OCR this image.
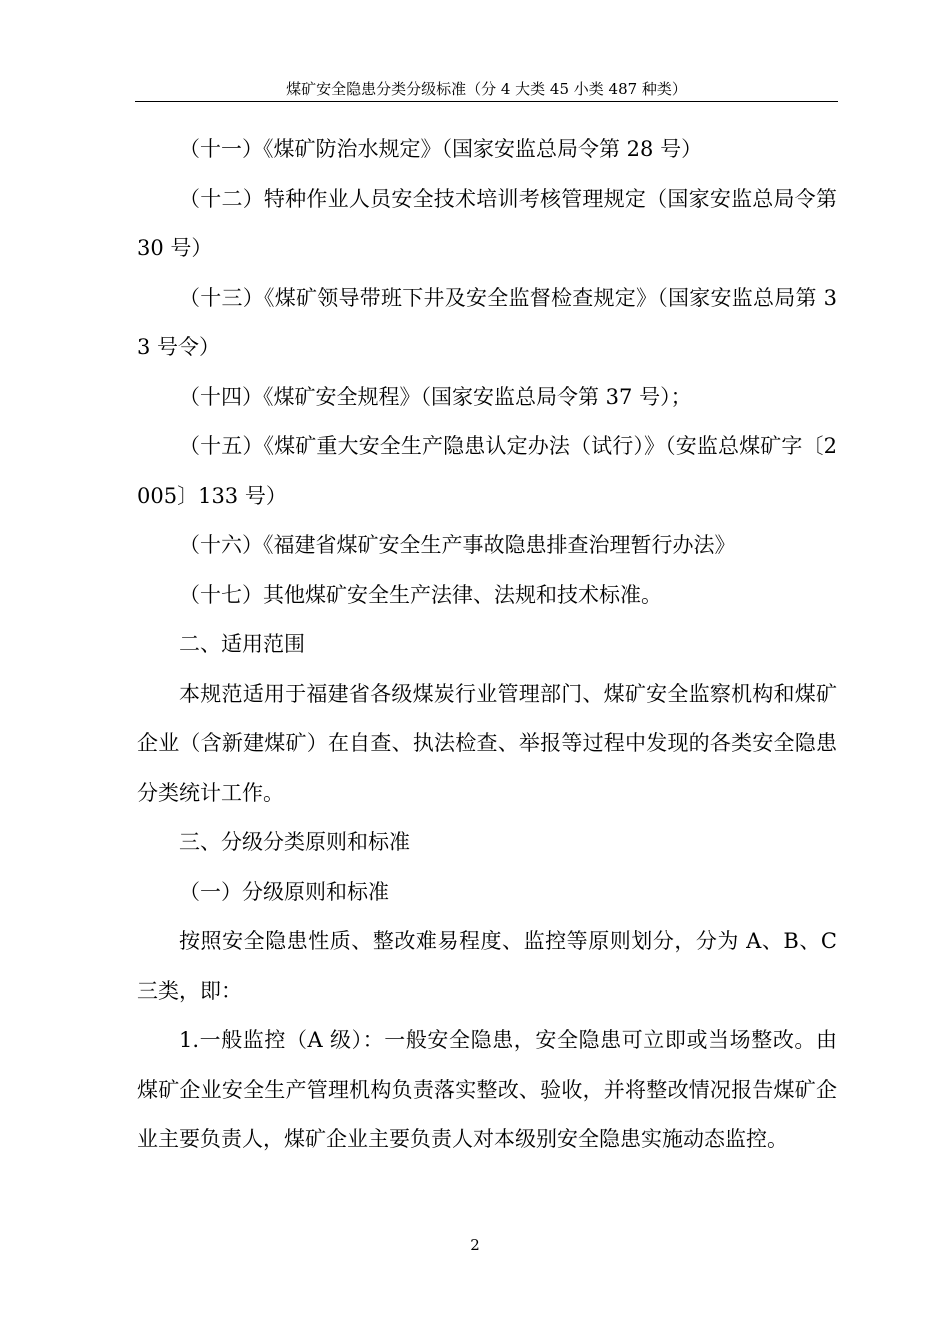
煤矿安全隐患分类分级标准（分 4 大类 45 小类 487 种类）

（十一）《煤矿防治水规定》（国家安监总局令第 28 号）

（十二）特种作业人员安全技术培训考核管理规定（国家安监总局令第 30 号）

（十三）《煤矿领导带班下井及安全监督检查规定》（国家安监总局第 33 号令）

（十四）《煤矿安全规程》（国家安监总局令第 37 号）；

（十五）《煤矿重大安全生产隐患认定办法（试行）》（安监总煤矿字〔2005〕133 号）

（十六）《福建省煤矿安全生产事故隐患排查治理暂行办法》

（十七）其他煤矿安全生产法律、法规和技术标准。

二、适用范围

本规范适用于福建省各级煤炭行业管理部门、煤矿安全监察机构和煤矿企业（含新建煤矿）在自查、执法检查、举报等过程中发现的各类安全隐患分类统计工作。

三、分级分类原则和标准

（一）分级原则和标准

按照安全隐患性质、整改难易程度、监控等原则划分，分为 A、B、C 三类，即：

1.一般监控（A 级）：一般安全隐患，安全隐患可立即或当场整改。由煤矿企业安全生产管理机构负责落实整改、验收，并将整改情况报告煤矿企业主要负责人，煤矿企业主要负责人对本级别安全隐患实施动态监控。

2
